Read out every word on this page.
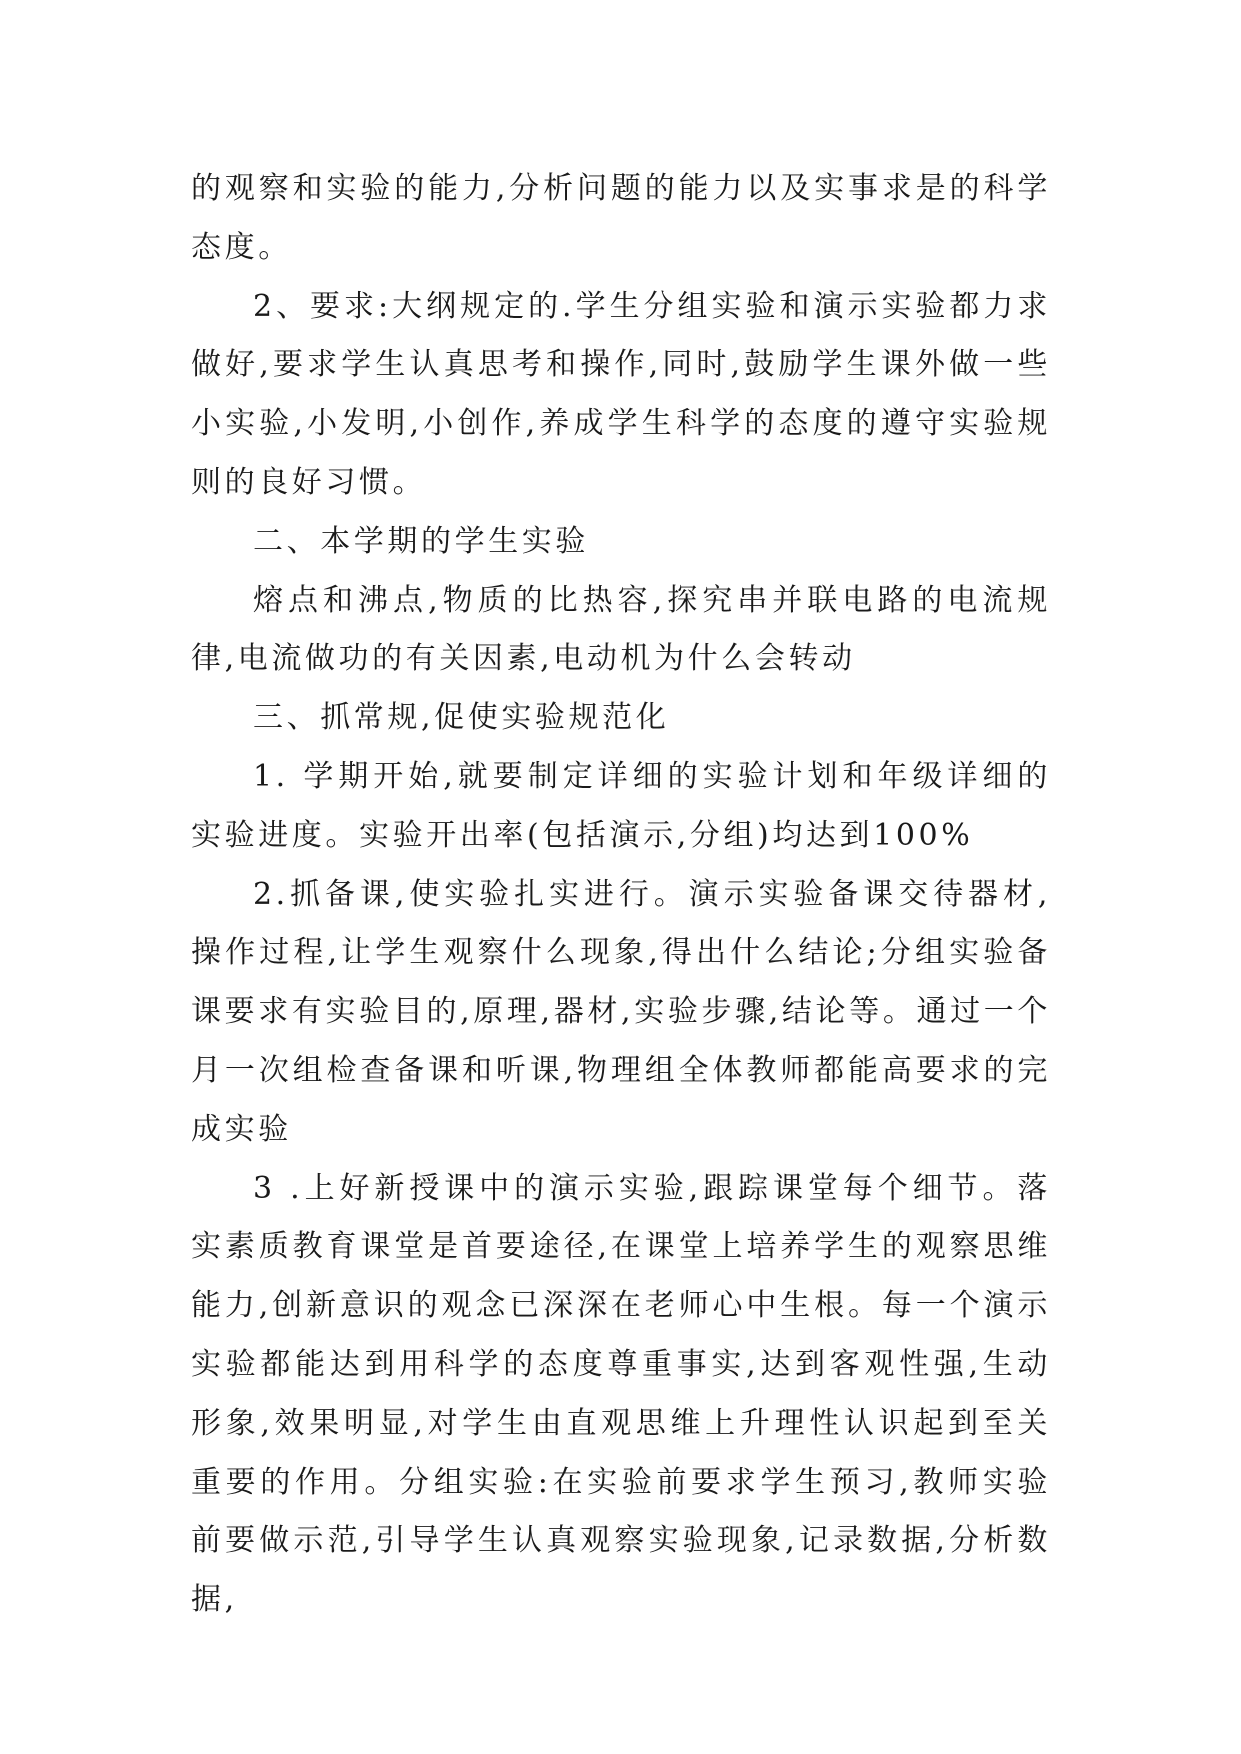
的观察和实验的能力,分析问题的能力以及实事求是的科学态度。

2、要求:大纲规定的.学生分组实验和演示实验都力求做好,要求学生认真思考和操作,同时,鼓励学生课外做一些小实验,小发明,小创作,养成学生科学的态度的遵守实验规则的良好习惯。

二、本学期的学生实验

熔点和沸点,物质的比热容,探究串并联电路的电流规律,电流做功的有关因素,电动机为什么会转动

三、抓常规,促使实验规范化

1. 学期开始,就要制定详细的实验计划和年级详细的实验进度。实验开出率(包括演示,分组)均达到100%

2.抓备课,使实验扎实进行。演示实验备课交待器材,操作过程,让学生观察什么现象,得出什么结论;分组实验备课要求有实验目的,原理,器材,实验步骤,结论等。通过一个月一次组检查备课和听课,物理组全体教师都能高要求的完成实验

3 .上好新授课中的演示实验,跟踪课堂每个细节。落实素质教育课堂是首要途径,在课堂上培养学生的观察思维能力,创新意识的观念已深深在老师心中生根。每一个演示实验都能达到用科学的态度尊重事实,达到客观性强,生动形象,效果明显,对学生由直观思维上升理性认识起到至关重要的作用。分组实验:在实验前要求学生预习,教师实验前要做示范,引导学生认真观察实验现象,记录数据,分析数据,
